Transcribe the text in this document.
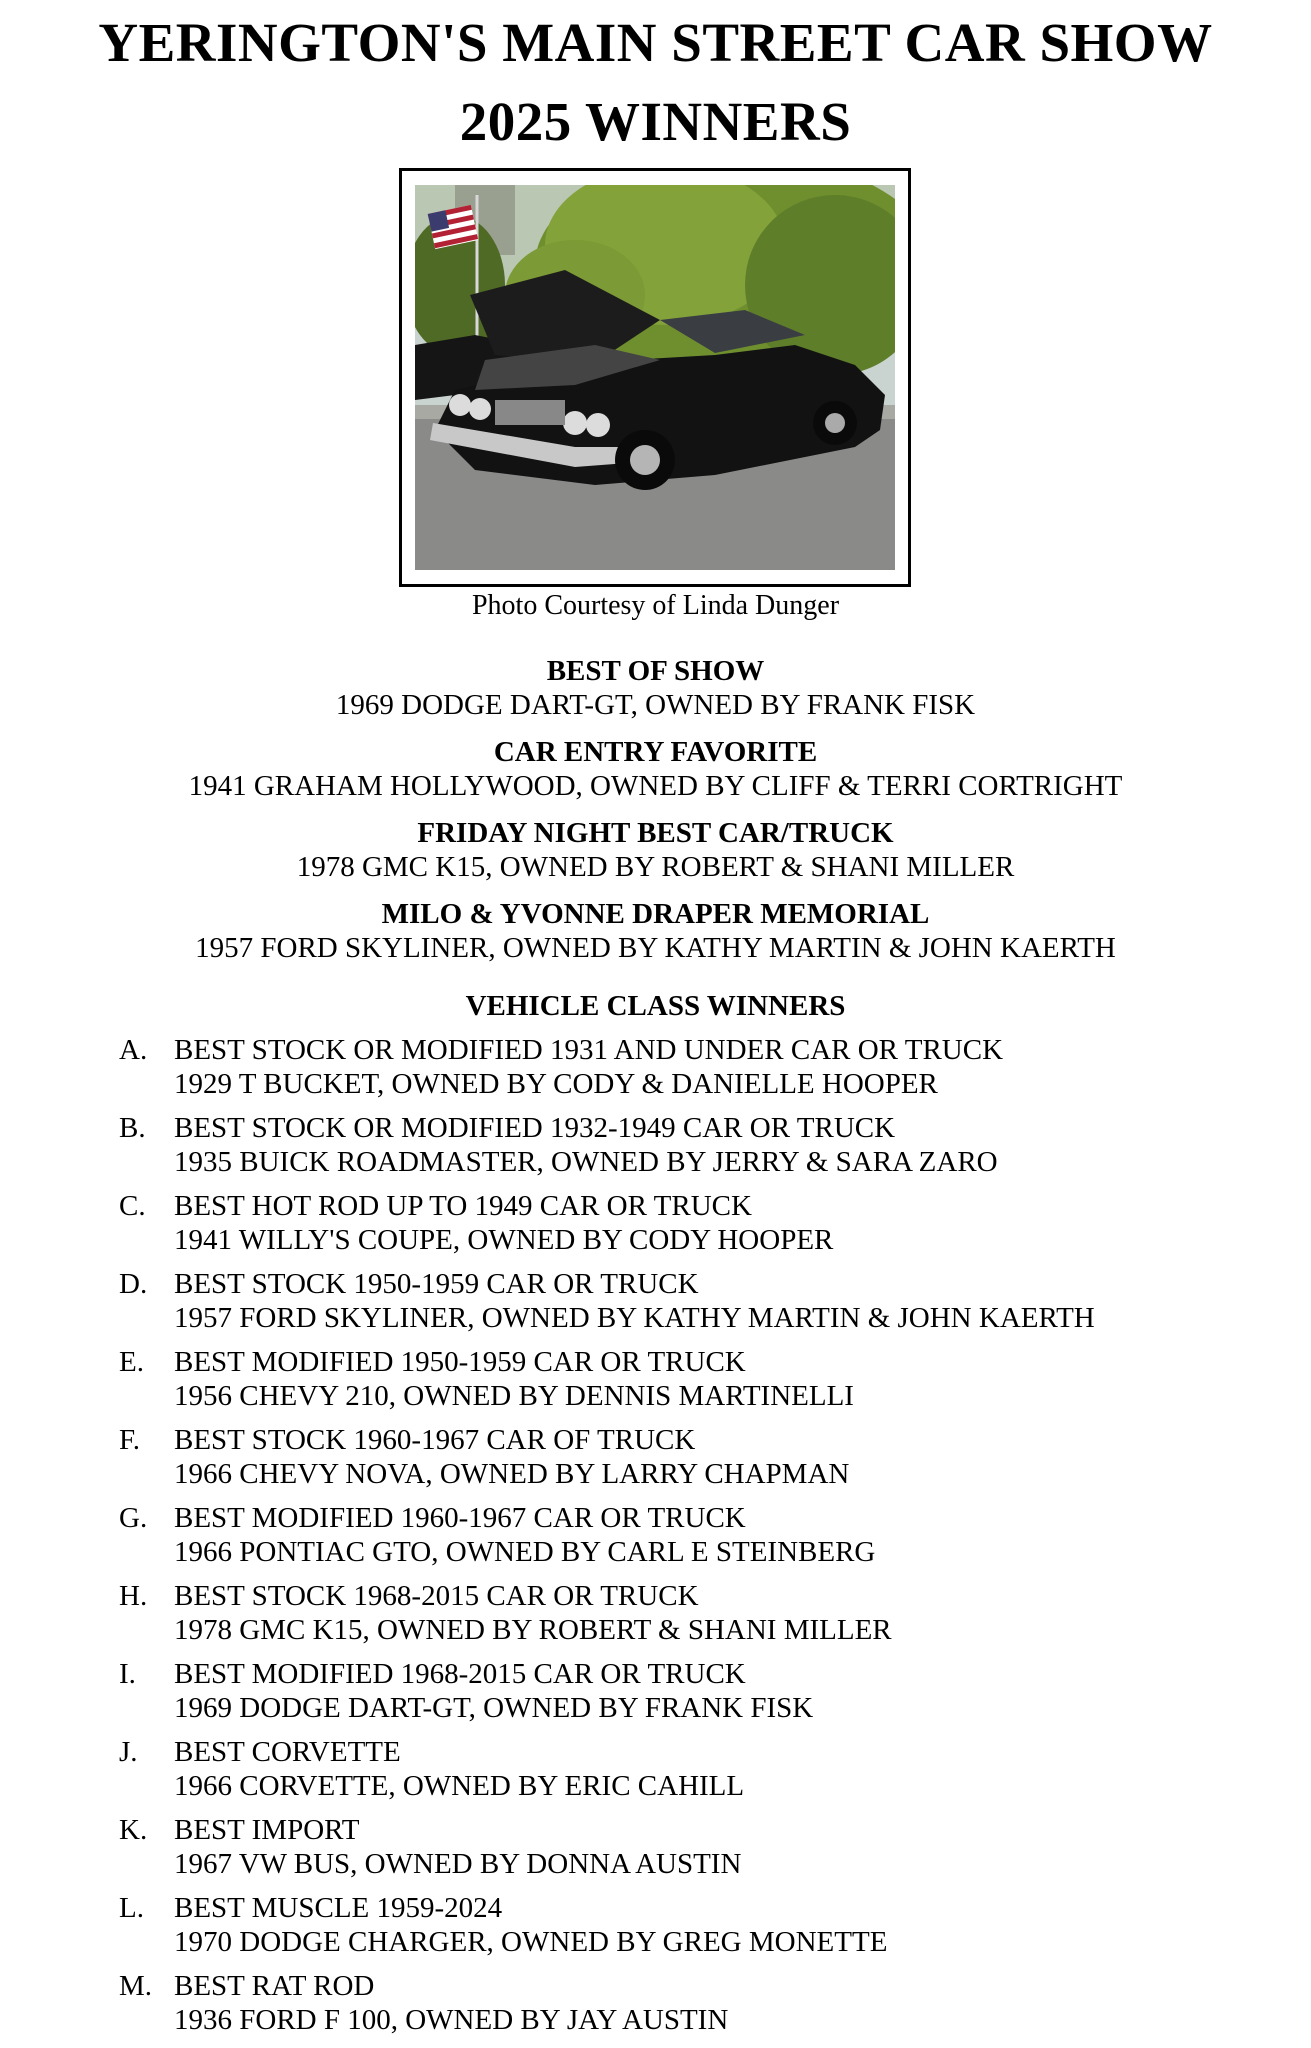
YERINGTON'S MAIN STREET CAR SHOW
2025 WINNERS
Photo Courtesy of Linda Dunger
BEST OF SHOW
1969 DODGE DART-GT, OWNED BY FRANK FISK
CAR ENTRY FAVORITE
1941 GRAHAM HOLLYWOOD, OWNED BY CLIFF & TERRI CORTRIGHT
FRIDAY NIGHT BEST CAR/TRUCK
1978 GMC K15, OWNED BY ROBERT & SHANI MILLER
MILO & YVONNE DRAPER MEMORIAL
1957 FORD SKYLINER, OWNED BY KATHY MARTIN & JOHN KAERTH
VEHICLE CLASS WINNERS
A. BEST STOCK OR MODIFIED 1931 AND UNDER CAR OR TRUCK
1929 T BUCKET, OWNED BY CODY & DANIELLE HOOPER
B. BEST STOCK OR MODIFIED 1932-1949 CAR OR TRUCK
1935 BUICK ROADMASTER, OWNED BY JERRY & SARA ZARO
C. BEST HOT ROD UP TO 1949 CAR OR TRUCK
1941 WILLY'S COUPE, OWNED BY CODY HOOPER
D. BEST STOCK 1950-1959 CAR OR TRUCK
1957 FORD SKYLINER, OWNED BY KATHY MARTIN & JOHN KAERTH
E.	BEST MODIFIED 1950-1959 CAR OR TRUCK
1956 CHEVY 210, OWNED BY DENNIS MARTINELLI
F.	BEST STOCK 1960-1967 CAR OF TRUCK
1966 CHEVY NOVA, OWNED BY LARRY CHAPMAN
G. BEST MODIFIED 1960-1967 CAR OR TRUCK
1966 PONTIAC GTO, OWNED BY CARL E STEINBERG
H. BEST STOCK 1968-2015 CAR OR TRUCK
1978 GMC K15, OWNED BY ROBERT & SHANI MILLER
I.	BEST MODIFIED 1968-2015 CAR OR TRUCK
1969 DODGE DART-GT, OWNED BY FRANK FISK
J.	BEST CORVETTE
1966 CORVETTE, OWNED BY ERIC CAHILL
K. BEST IMPORT
1967 VW BUS, OWNED BY DONNA AUSTIN
L.	BEST MUSCLE 1959-2024
1970 DODGE CHARGER, OWNED BY GREG MONETTE
M. BEST RAT ROD
1936 FORD F 100, OWNED BY JAY AUSTIN
